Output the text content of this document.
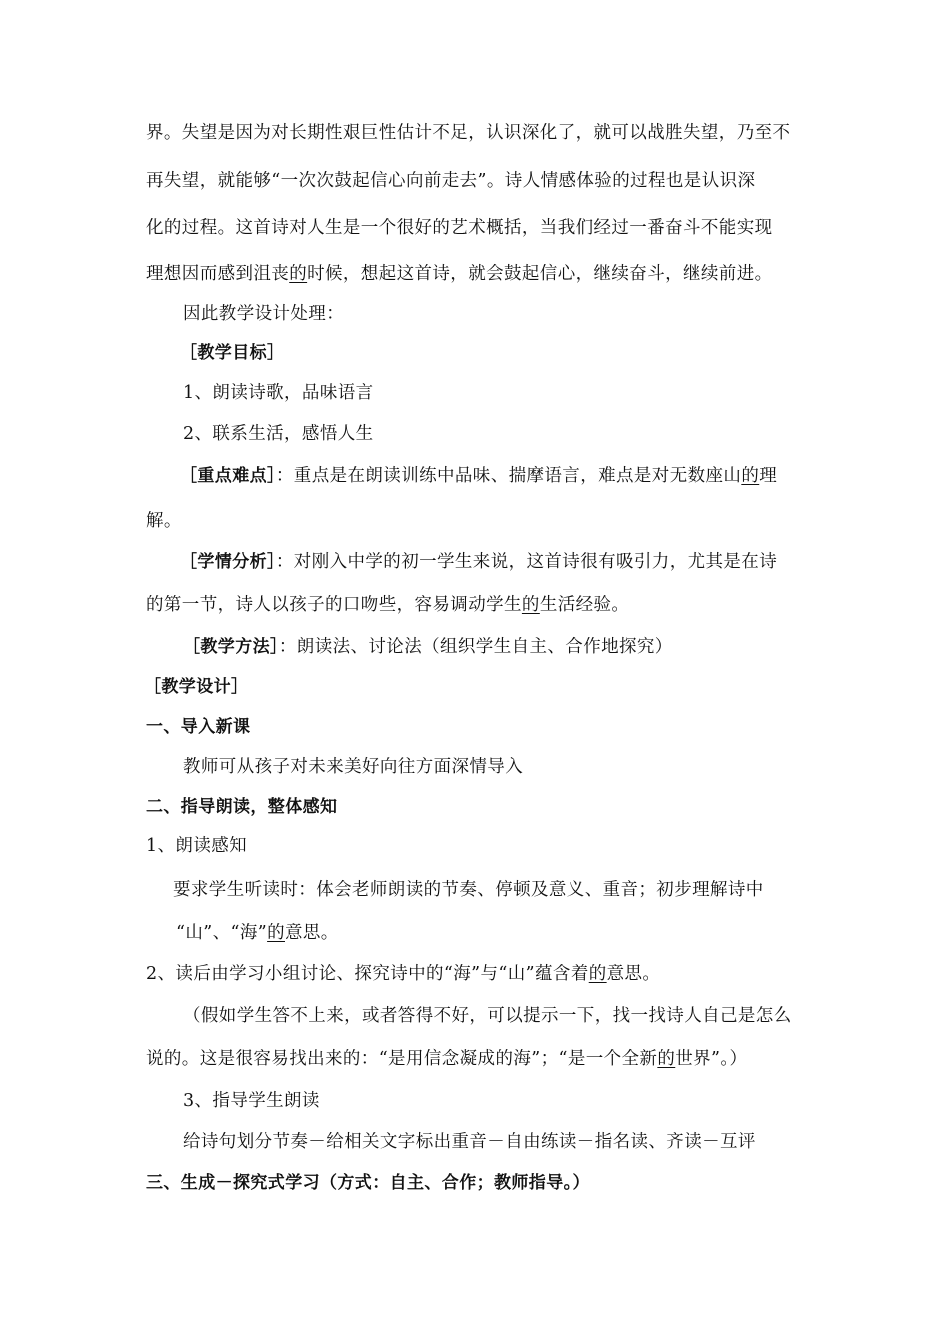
界。失望是因为对长期性艰巨性估计不足，认识深化了，就可以战胜失望，乃至不
再失望，就能够“一次次鼓起信心向前走去”。诗人情感体验的过程也是认识深
化的过程。这首诗对人生是一个很好的艺术概括，当我们经过一番奋斗不能实现
理想因而感到沮丧的时候，想起这首诗，就会鼓起信心，继续奋斗，继续前进。
因此教学设计处理：
［教学目标］
1、朗读诗歌，品味语言
2、联系生活，感悟人生
［重点难点］：重点是在朗读训练中品味、揣摩语言，难点是对无数座山的理
解。
［学情分析］：对刚入中学的初一学生来说，这首诗很有吸引力，尤其是在诗
的第一节，诗人以孩子的口吻些，容易调动学生的生活经验。
［教学方法］：朗读法、讨论法（组织学生自主、合作地探究）
［教学设计］
一、导入新课
教师可从孩子对未来美好向往方面深情导入
二、指导朗读，整体感知
1、朗读感知
要求学生听读时：体会老师朗读的节奏、停顿及意义、重音；初步理解诗中
“山”、“海”的意思。
2、读后由学习小组讨论、探究诗中的“海”与“山”蕴含着的意思。
（假如学生答不上来，或者答得不好，可以提示一下，找一找诗人自己是怎么
说的。这是很容易找出来的：“是用信念凝成的海”；“是一个全新的世界”。）
3、指导学生朗读
给诗句划分节奏－给相关文字标出重音－自由练读－指名读、齐读－互评
三、生成－探究式学习（方式：自主、合作；教师指导。）
